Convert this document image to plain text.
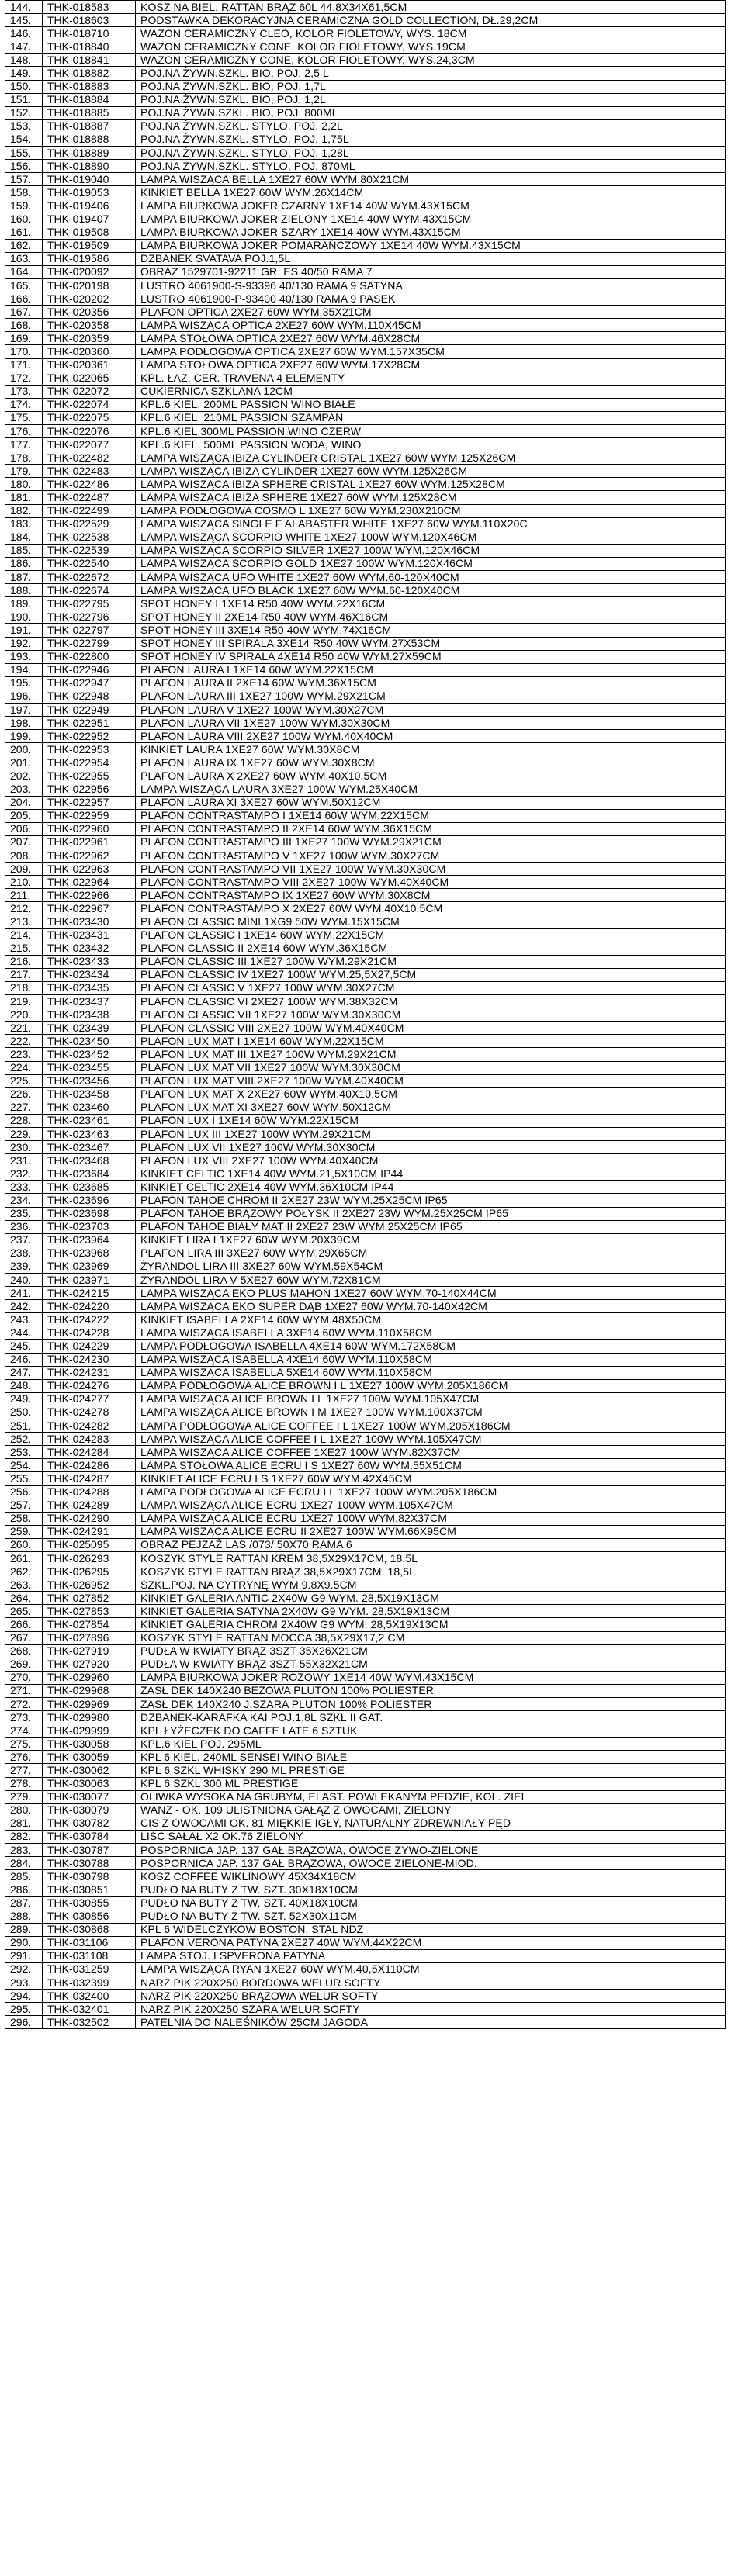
144.	THK-018583	KOSZ NA BIEL. RATTAN BRĄZ 60L 44,8X34X61,5CM
145.	THK-018603	PODSTAWKA DEKORACYJNA CERAMICZNA GOLD COLLECTION, DŁ.29,2CM
146.	THK-018710	WAZON CERAMICZNY CLEO, KOLOR FIOLETOWY, WYS. 18CM
147.	THK-018840	WAZON CERAMICZNY CONE, KOLOR FIOLETOWY, WYS.19CM
148.	THK-018841	WAZON CERAMICZNY CONE, KOLOR FIOLETOWY, WYS.24,3CM
149.	THK-018882	POJ.NA ŻYWN.SZKL. BIO, POJ. 2,5 L
150.	THK-018883	POJ.NA ŻYWN.SZKL. BIO, POJ. 1,7L
151.	THK-018884	POJ.NA ŻYWN.SZKL. BIO, POJ. 1,2L
152.	THK-018885	POJ.NA ŻYWN.SZKL. BIO, POJ. 800ML
153.	THK-018887	POJ.NA ŻYWN.SZKL. STYLO, POJ. 2,2L
154.	THK-018888	POJ.NA ŻYWN.SZKL. STYLO, POJ. 1,75L
155.	THK-018889	POJ.NA ŻYWN.SZKL. STYLO, POJ. 1,28L
156.	THK-018890	POJ.NA ŻYWN.SZKL. STYLO, POJ. 870ML
157.	THK-019040	LAMPA WISZĄCA BELLA 1XE27 60W WYM.80X21CM
158.	THK-019053	KINKIET BELLA 1XE27 60W WYM.26X14CM
159.	THK-019406	LAMPA BIURKOWA JOKER CZARNY 1XE14 40W WYM.43X15CM
160.	THK-019407	LAMPA BIURKOWA JOKER ZIELONY 1XE14 40W WYM.43X15CM
161.	THK-019508	LAMPA BIURKOWA JOKER SZARY 1XE14 40W WYM.43X15CM
162.	THK-019509	LAMPA BIURKOWA JOKER POMARAŃCZOWY 1XE14 40W WYM.43X15CM
163.	THK-019586	DZBANEK SVATAVA POJ.1,5L
164.	THK-020092	OBRAZ 1529701-92211 GR. ES 40/50 RAMA 7
165.	THK-020198	LUSTRO 4061900-S-93396 40/130 RAMA 9 SATYNA
166.	THK-020202	LUSTRO 4061900-P-93400 40/130 RAMA 9 PASEK
167.	THK-020356	PLAFON OPTICA 2XE27 60W WYM.35X21CM
168.	THK-020358	LAMPA WISZĄCA OPTICA 2XE27 60W WYM.110X45CM
169.	THK-020359	LAMPA STOŁOWA OPTICA 2XE27 60W WYM.46X28CM
170.	THK-020360	LAMPA PODŁOGOWA OPTICA 2XE27 60W WYM.157X35CM
171.	THK-020361	LAMPA STOŁOWA OPTICA 2XE27 60W WYM.17X28CM
172.	THK-022065	KPL. ŁAZ. CER. TRAVENA 4 ELEMENTY
173.	THK-022072	CUKIERNICA SZKLANA 12CM
174.	THK-022074	KPL.6 KIEL. 200ML PASSION WINO BIAŁE
175.	THK-022075	KPL.6 KIEL. 210ML PASSION SZAMPAN
176.	THK-022076	KPL.6 KIEL.300ML PASSION WINO CZERW.
177.	THK-022077	KPL.6 KIEL. 500ML PASSION WODA, WINO
178.	THK-022482	LAMPA WISZĄCA IBIZA CYLINDER CRISTAL 1XE27 60W WYM.125X26CM
179.	THK-022483	LAMPA WISZĄCA IBIZA CYLINDER 1XE27 60W WYM.125X26CM
180.	THK-022486	LAMPA WISZĄCA IBIZA SPHERE CRISTAL 1XE27 60W WYM.125X28CM
181.	THK-022487	LAMPA WISZĄCA IBIZA SPHERE 1XE27 60W WYM.125X28CM
182.	THK-022499	LAMPA PODŁOGOWA COSMO L 1XE27 60W WYM.230X210CM
183.	THK-022529	LAMPA WISZĄCA SINGLE F ALABASTER WHITE 1XE27 60W WYM.110X20C
184.	THK-022538	LAMPA WISZĄCA SCORPIO WHITE 1XE27 100W WYM.120X46CM
185.	THK-022539	LAMPA WISZĄCA SCORPIO SILVER 1XE27 100W WYM.120X46CM
186.	THK-022540	LAMPA WISZĄCA SCORPIO GOLD 1XE27 100W WYM.120X46CM
187.	THK-022672	LAMPA WISZĄCA UFO WHITE 1XE27 60W WYM.60-120X40CM
188.	THK-022674	LAMPA WISZĄCA UFO BLACK 1XE27 60W WYM.60-120X40CM
189.	THK-022795	SPOT HONEY I 1XE14 R50 40W WYM.22X16CM
190.	THK-022796	SPOT HONEY II 2XE14 R50 40W WYM.46X16CM
191.	THK-022797	SPOT HONEY III 3XE14 R50 40W WYM.74X16CM
192.	THK-022799	SPOT HONEY III SPIRALA 3XE14 R50 40W WYM.27X53CM
193.	THK-022800	SPOT HONEY IV SPIRALA 4XE14 R50 40W WYM.27X59CM
194.	THK-022946	PLAFON LAURA I 1XE14 60W WYM.22X15CM
195.	THK-022947	PLAFON LAURA II 2XE14 60W WYM.36X15CM
196.	THK-022948	PLAFON LAURA III 1XE27 100W WYM.29X21CM
197.	THK-022949	PLAFON LAURA V 1XE27 100W WYM.30X27CM
198.	THK-022951	PLAFON LAURA VII 1XE27 100W WYM.30X30CM
199.	THK-022952	PLAFON LAURA VIII 2XE27 100W WYM.40X40CM
200.	THK-022953	KINKIET LAURA 1XE27 60W WYM.30X8CM
201.	THK-022954	PLAFON LAURA IX 1XE27 60W WYM.30X8CM
202.	THK-022955	PLAFON LAURA X 2XE27 60W WYM.40X10,5CM
203.	THK-022956	LAMPA WISZĄCA LAURA 3XE27 100W WYM.25X40CM
204.	THK-022957	PLAFON LAURA XI 3XE27 60W WYM.50X12CM
205.	THK-022959	PLAFON CONTRASTAMPO I 1XE14 60W WYM.22X15CM
206.	THK-022960	PLAFON CONTRASTAMPO II 2XE14 60W WYM.36X15CM
207.	THK-022961	PLAFON CONTRASTAMPO III 1XE27 100W WYM.29X21CM
208.	THK-022962	PLAFON CONTRASTAMPO V 1XE27 100W WYM.30X27CM
209.	THK-022963	PLAFON CONTRASTAMPO VII 1XE27 100W WYM.30X30CM
210.	THK-022964	PLAFON CONTRASTAMPO VIII 2XE27 100W WYM.40X40CM
211.	THK-022966	PLAFON CONTRASTAMPO IX 1XE27 60W WYM.30X8CM
212.	THK-022967	PLAFON CONTRASTAMPO X 2XE27 60W WYM.40X10,5CM
213.	THK-023430	PLAFON CLASSIC MINI 1XG9 50W WYM.15X15CM
214.	THK-023431	PLAFON CLASSIC I 1XE14 60W WYM.22X15CM
215.	THK-023432	PLAFON CLASSIC II 2XE14 60W WYM.36X15CM
216.	THK-023433	PLAFON CLASSIC III 1XE27 100W WYM.29X21CM
217.	THK-023434	PLAFON CLASSIC IV 1XE27 100W WYM.25,5X27,5CM
218.	THK-023435	PLAFON CLASSIC V 1XE27 100W WYM.30X27CM
219.	THK-023437	PLAFON CLASSIC VI 2XE27 100W WYM.38X32CM
220.	THK-023438	PLAFON CLASSIC VII 1XE27 100W WYM.30X30CM
221.	THK-023439	PLAFON CLASSIC VIII 2XE27 100W WYM.40X40CM
222.	THK-023450	PLAFON LUX MAT I 1XE14 60W WYM.22X15CM
223.	THK-023452	PLAFON LUX MAT III 1XE27 100W WYM.29X21CM
224.	THK-023455	PLAFON LUX MAT VII 1XE27 100W WYM.30X30CM
225.	THK-023456	PLAFON LUX MAT VIII 2XE27 100W WYM.40X40CM
226.	THK-023458	PLAFON LUX MAT X 2XE27 60W WYM.40X10,5CM
227.	THK-023460	PLAFON LUX MAT XI 3XE27 60W WYM.50X12CM
228.	THK-023461	PLAFON LUX I 1XE14 60W WYM.22X15CM
229.	THK-023463	PLAFON LUX III 1XE27 100W WYM.29X21CM
230.	THK-023467	PLAFON LUX VII 1XE27 100W WYM.30X30CM
231.	THK-023468	PLAFON LUX VIII 2XE27 100W WYM.40X40CM
232.	THK-023684	KINKIET CELTIC 1XE14 40W WYM.21,5X10CM IP44
233.	THK-023685	KINKIET CELTIC 2XE14 40W WYM.36X10CM IP44
234.	THK-023696	PLAFON TAHOE CHROM II 2XE27 23W WYM.25X25CM IP65
235.	THK-023698	PLAFON TAHOE BRĄZOWY POŁYSK II 2XE27 23W WYM.25X25CM IP65
236.	THK-023703	PLAFON TAHOE BIAŁY MAT II 2XE27 23W WYM.25X25CM IP65
237.	THK-023964	KINKIET LIRA I 1XE27 60W WYM.20X39CM
238.	THK-023968	PLAFON LIRA III 3XE27 60W WYM.29X65CM
239.	THK-023969	ŻYRANDOL LIRA III 3XE27 60W WYM.59X54CM
240.	THK-023971	ŻYRANDOL LIRA V 5XE27 60W WYM.72X81CM
241.	THK-024215	LAMPA WISZĄCA EKO PLUS MAHOŃ 1XE27 60W WYM.70-140X44CM
242.	THK-024220	LAMPA WISZĄCA EKO SUPER DĄB 1XE27 60W WYM.70-140X42CM
243.	THK-024222	KINKIET ISABELLA 2XE14 60W WYM.48X50CM
244.	THK-024228	LAMPA WISZĄCA ISABELLA 3XE14 60W WYM.110X58CM
245.	THK-024229	LAMPA PODŁOGOWA ISABELLA 4XE14 60W WYM.172X58CM
246.	THK-024230	LAMPA WISZĄCA ISABELLA 4XE14 60W WYM.110X58CM
247.	THK-024231	LAMPA WISZĄCA ISABELLA 5XE14 60W WYM.110X58CM
248.	THK-024276	LAMPA PODŁOGOWA ALICE BROWN I L 1XE27 100W WYM.205X186CM
249.	THK-024277	LAMPA WISZĄCA ALICE BROWN I L 1XE27 100W WYM.105X47CM
250.	THK-024278	LAMPA WISZĄCA ALICE BROWN I M 1XE27 100W WYM.100X37CM
251.	THK-024282	LAMPA PODŁOGOWA ALICE COFFEE I L 1XE27 100W WYM.205X186CM
252.	THK-024283	LAMPA WISZĄCA ALICE COFFEE I L 1XE27 100W WYM.105X47CM
253.	THK-024284	LAMPA WISZĄCA ALICE COFFEE 1XE27 100W WYM.82X37CM
254.	THK-024286	LAMPA STOŁOWA ALICE ECRU I S 1XE27 60W WYM.55X51CM
255.	THK-024287	KINKIET ALICE ECRU I S 1XE27 60W WYM.42X45CM
256.	THK-024288	LAMPA PODŁOGOWA ALICE ECRU I L 1XE27 100W WYM.205X186CM
257.	THK-024289	LAMPA WISZĄCA ALICE ECRU 1XE27 100W WYM.105X47CM
258.	THK-024290	LAMPA WISZĄCA ALICE ECRU 1XE27 100W WYM.82X37CM
259.	THK-024291	LAMPA WISZĄCA ALICE ECRU II 2XE27 100W WYM.66X95CM
260.	THK-025095	OBRAZ PEJZAŻ LAS /073/ 50X70 RAMA 6
261.	THK-026293	KOSZYK STYLE RATTAN KREM 38,5X29X17CM, 18,5L
262.	THK-026295	KOSZYK STYLE RATTAN BRĄZ 38,5X29X17CM, 18,5L
263.	THK-026952	SZKL.POJ. NA CYTRYNĘ WYM.9.8X9.5CM
264.	THK-027852	KINKIET GALERIA ANTIC 2X40W G9 WYM. 28,5X19X13CM
265.	THK-027853	KINKIET GALERIA SATYNA 2X40W G9 WYM. 28,5X19X13CM
266.	THK-027854	KINKIET GALERIA CHROM 2X40W G9 WYM. 28,5X19X13CM
267.	THK-027896	KOSZYK STYLE RATTAN MOCCA 38,5X29X17,2 CM
268.	THK-027919	PUDŁA W KWIATY BRĄZ 3SZT 35X26X21CM
269.	THK-027920	PUDŁA W KWIATY BRĄZ 3SZT 55X32X21CM
270.	THK-029960	LAMPA BIURKOWA JOKER RÓŻOWY 1XE14 40W WYM.43X15CM
271.	THK-029968	ZASŁ DEK 140X240 BEŻOWA PLUTON 100% POLIESTER
272.	THK-029969	ZASŁ DEK 140X240 J.SZARA PLUTON 100% POLIESTER
273.	THK-029980	DZBANEK-KARAFKA KAI POJ.1,8L SZKŁ II GAT.
274.	THK-029999	KPL ŁYŻECZEK DO CAFFE LATE 6 SZTUK
275.	THK-030058	KPL.6 KIEL POJ. 295ML
276.	THK-030059	KPL 6 KIEL. 240ML SENSEI WINO BIAŁE
277.	THK-030062	KPL 6 SZKL WHISKY 290 ML PRESTIGE
278.	THK-030063	KPL 6 SZKL 300 ML PRESTIGE
279.	THK-030077	OLIWKA WYSOKA NA GRUBYM, ELAST. POWLEKANYM PEDZIE, KOL. ZIEL
280.	THK-030079	WANZ - OK. 109 ULISTNIONA GAŁĄZ Z OWOCAMI, ZIELONY
281.	THK-030782	CIS Z OWOCAMI OK. 81 MIĘKKIE IGŁY, NATURALNY ZDREWNIAŁY PĘD
282.	THK-030784	LIŚĆ SAŁAŁ X2 OK.76 ZIELONY
283.	THK-030787	POSPORNICA JAP. 137 GAŁ BRĄZOWA, OWOCE ŻYWO-ZIELONE
284.	THK-030788	POSPORNICA JAP. 137 GAŁ BRĄZOWA, OWOCE ZIELONE-MIOD.
285.	THK-030798	KOSZ COFFEE WIKLINOWY 45X34X18CM
286.	THK-030851	PUDŁO NA BUTY Z TW. SZT. 30X18X10CM
287.	THK-030855	PUDŁO NA BUTY Z TW. SZT. 40X18X10CM
288.	THK-030856	PUDŁO NA BUTY Z TW. SZT. 52X30X11CM
289.	THK-030868	KPL 6 WIDELCZYKÓW BOSTON, STAL NDZ
290.	THK-031106	PLAFON VERONA PATYNA 2XE27 40W WYM.44X22CM
291.	THK-031108	LAMPA STOJ. LSPVERONA PATYNA
292.	THK-031259	LAMPA WISZĄCA RYAN 1XE27 60W WYM.40,5X110CM
293.	THK-032399	NARZ PIK 220X250 BORDOWA WELUR SOFTY
294.	THK-032400	NARZ PIK 220X250 BRĄZOWA WELUR SOFTY
295.	THK-032401	NARZ PIK 220X250 SZARA WELUR SOFTY
296.	THK-032502	PATELNIA DO NALEŚNIKÓW 25CM JAGODA
